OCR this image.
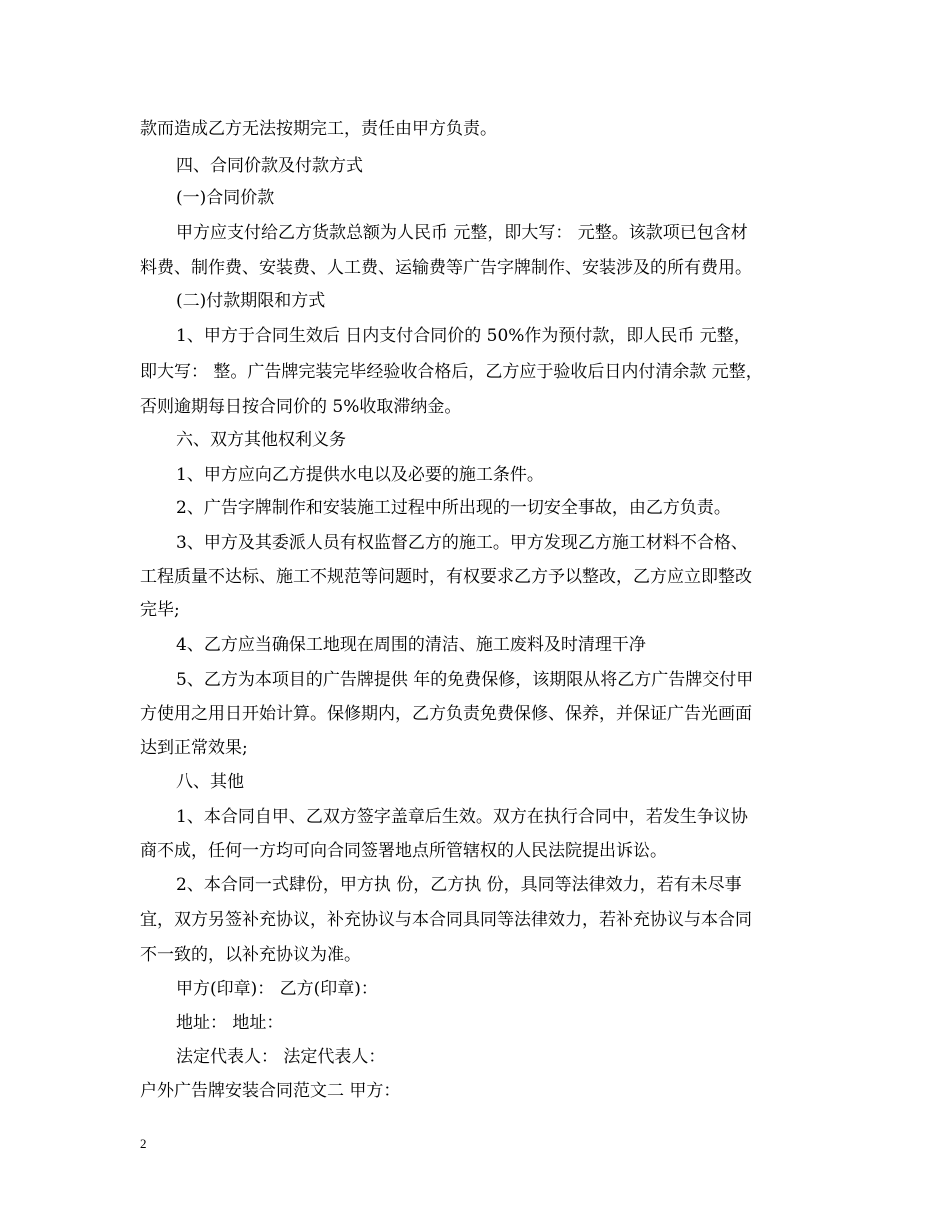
款而造成乙方无法按期完工，责任由甲方负责。
四、合同价款及付款方式
(一)合同价款
甲方应支付给乙方货款总额为人民币 元整，即大写： 元整。该款项已包含材
料费、制作费、安装费、人工费、运输费等广告字牌制作、安装涉及的所有费用。
(二)付款期限和方式
1、甲方于合同生效后 日内支付合同价的 50%作为预付款，即人民币 元整，
即大写： 整。广告牌完装完毕经验收合格后，乙方应于验收后日内付清余款 元整，
否则逾期每日按合同价的 5%收取滞纳金。
六、双方其他权利义务
1、甲方应向乙方提供水电以及必要的施工条件。
2、广告字牌制作和安装施工过程中所出现的一切安全事故，由乙方负责。
3、甲方及其委派人员有权监督乙方的施工。甲方发现乙方施工材料不合格、
工程质量不达标、施工不规范等问题时，有权要求乙方予以整改，乙方应立即整改
完毕;
4、乙方应当确保工地现在周围的清洁、施工废料及时清理干净
5、乙方为本项目的广告牌提供 年的免费保修，该期限从将乙方广告牌交付甲
方使用之用日开始计算。保修期内，乙方负责免费保修、保养，并保证广告光画面
达到正常效果;
八、其他
1、本合同自甲、乙双方签字盖章后生效。双方在执行合同中，若发生争议协
商不成，任何一方均可向合同签署地点所管辖权的人民法院提出诉讼。
2、本合同一式肆份，甲方执 份，乙方执 份，具同等法律效力，若有未尽事
宜，双方另签补充协议，补充协议与本合同具同等法律效力，若补充协议与本合同
不一致的，以补充协议为准。
甲方(印章)： 乙方(印章)：
地址： 地址：
法定代表人： 法定代表人：
户外广告牌安装合同范文二 甲方：
2
